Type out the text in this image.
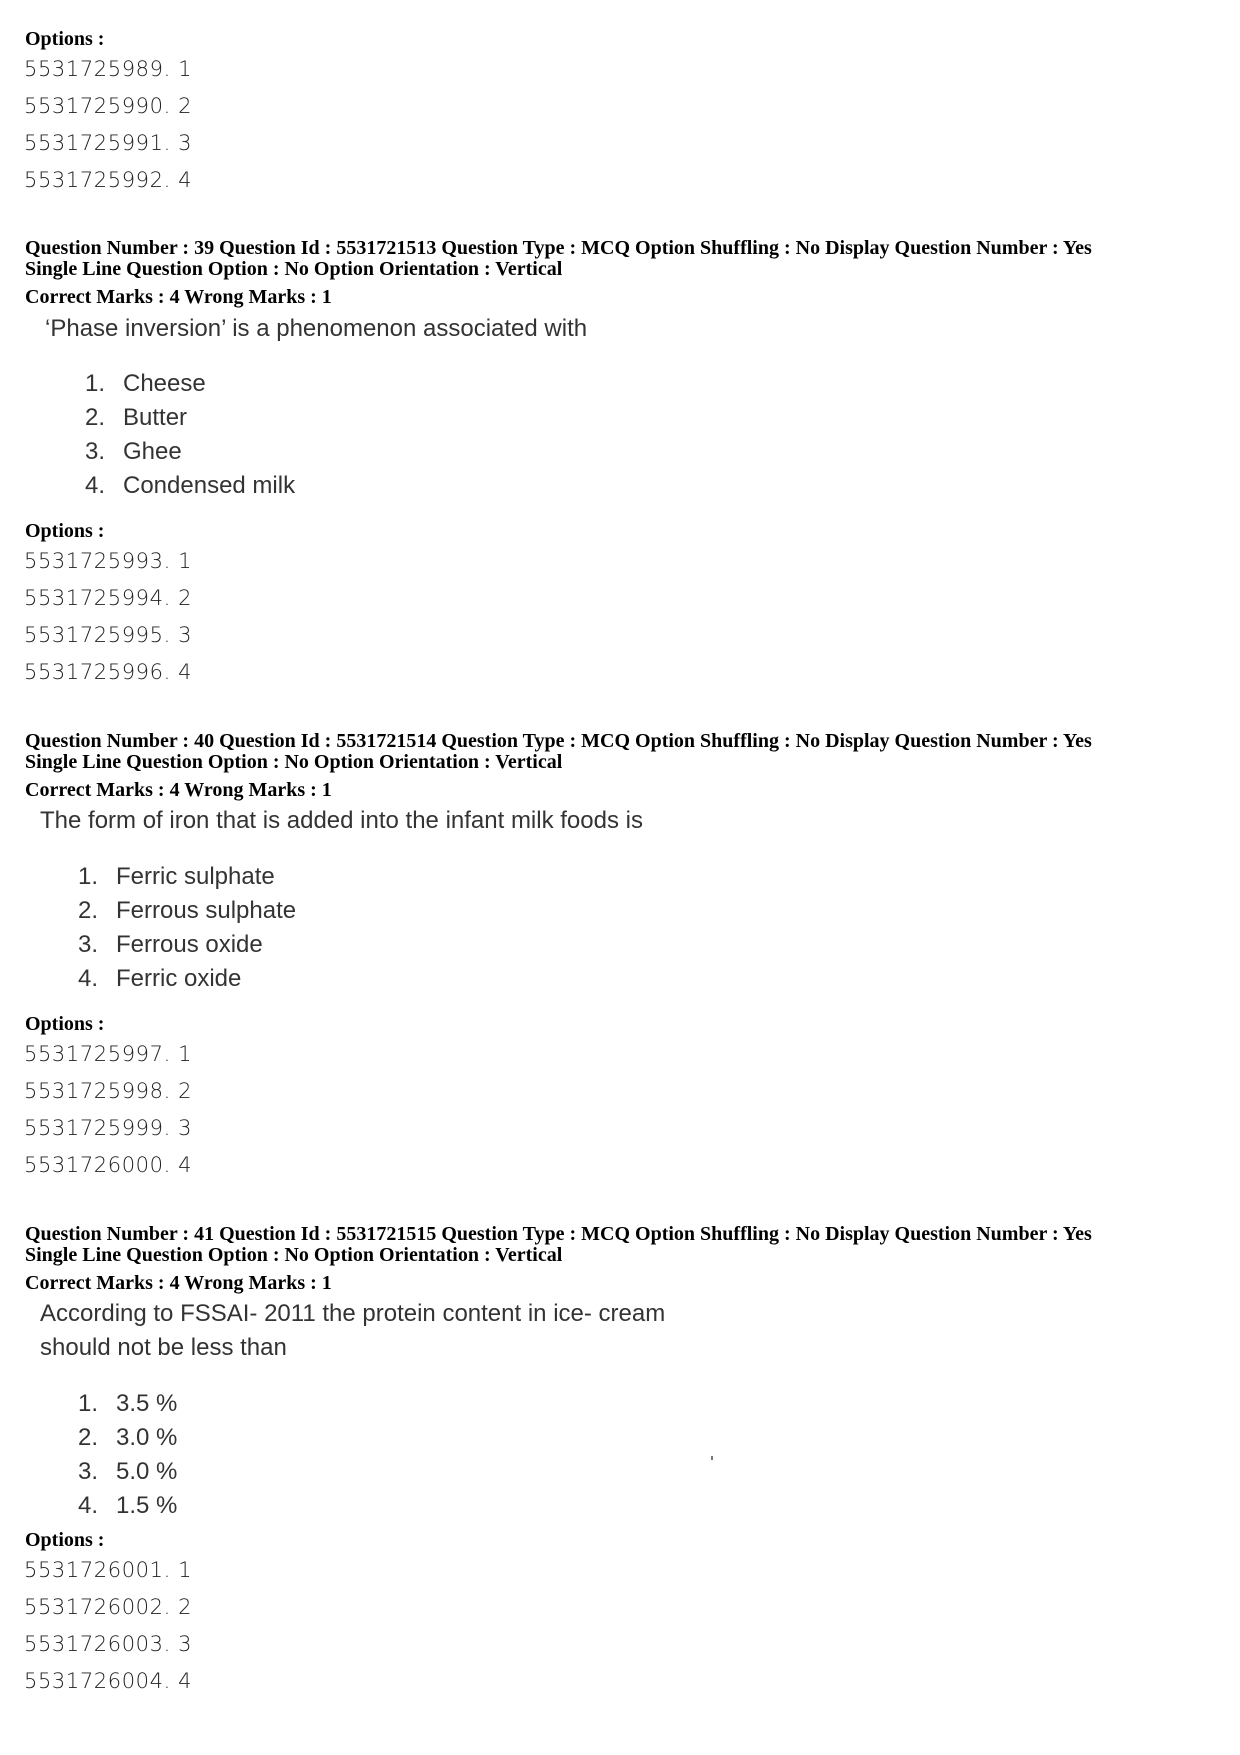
Options :
5531725989. 1
5531725990. 2
5531725991. 3
5531725992. 4
Question Number : 39 Question Id : 5531721513 Question Type : MCQ Option Shuffling : No Display Question Number : Yes
Single Line Question Option : No Option Orientation : Vertical
Correct Marks : 4 Wrong Marks : 1
‘Phase inversion’ is a phenomenon associated with
1. Cheese
2. Butter
3. Ghee
4. Condensed milk
Options :
5531725993. 1
5531725994. 2
5531725995. 3
5531725996. 4
Question Number : 40 Question Id : 5531721514 Question Type : MCQ Option Shuffling : No Display Question Number : Yes
Single Line Question Option : No Option Orientation : Vertical
Correct Marks : 4 Wrong Marks : 1
The form of iron that is added into the infant milk foods is
1. Ferric sulphate
2. Ferrous sulphate
3. Ferrous oxide
4. Ferric oxide
Options :
5531725997. 1
5531725998. 2
5531725999. 3
5531726000. 4
Question Number : 41 Question Id : 5531721515 Question Type : MCQ Option Shuffling : No Display Question Number : Yes
Single Line Question Option : No Option Orientation : Vertical
Correct Marks : 4 Wrong Marks : 1
According to FSSAI- 2011 the protein content in ice- cream
should not be less than
1. 3.5 %
2. 3.0 %
3. 5.0 %
4. 1.5 %
Options :
5531726001. 1
5531726002. 2
5531726003. 3
5531726004. 4
